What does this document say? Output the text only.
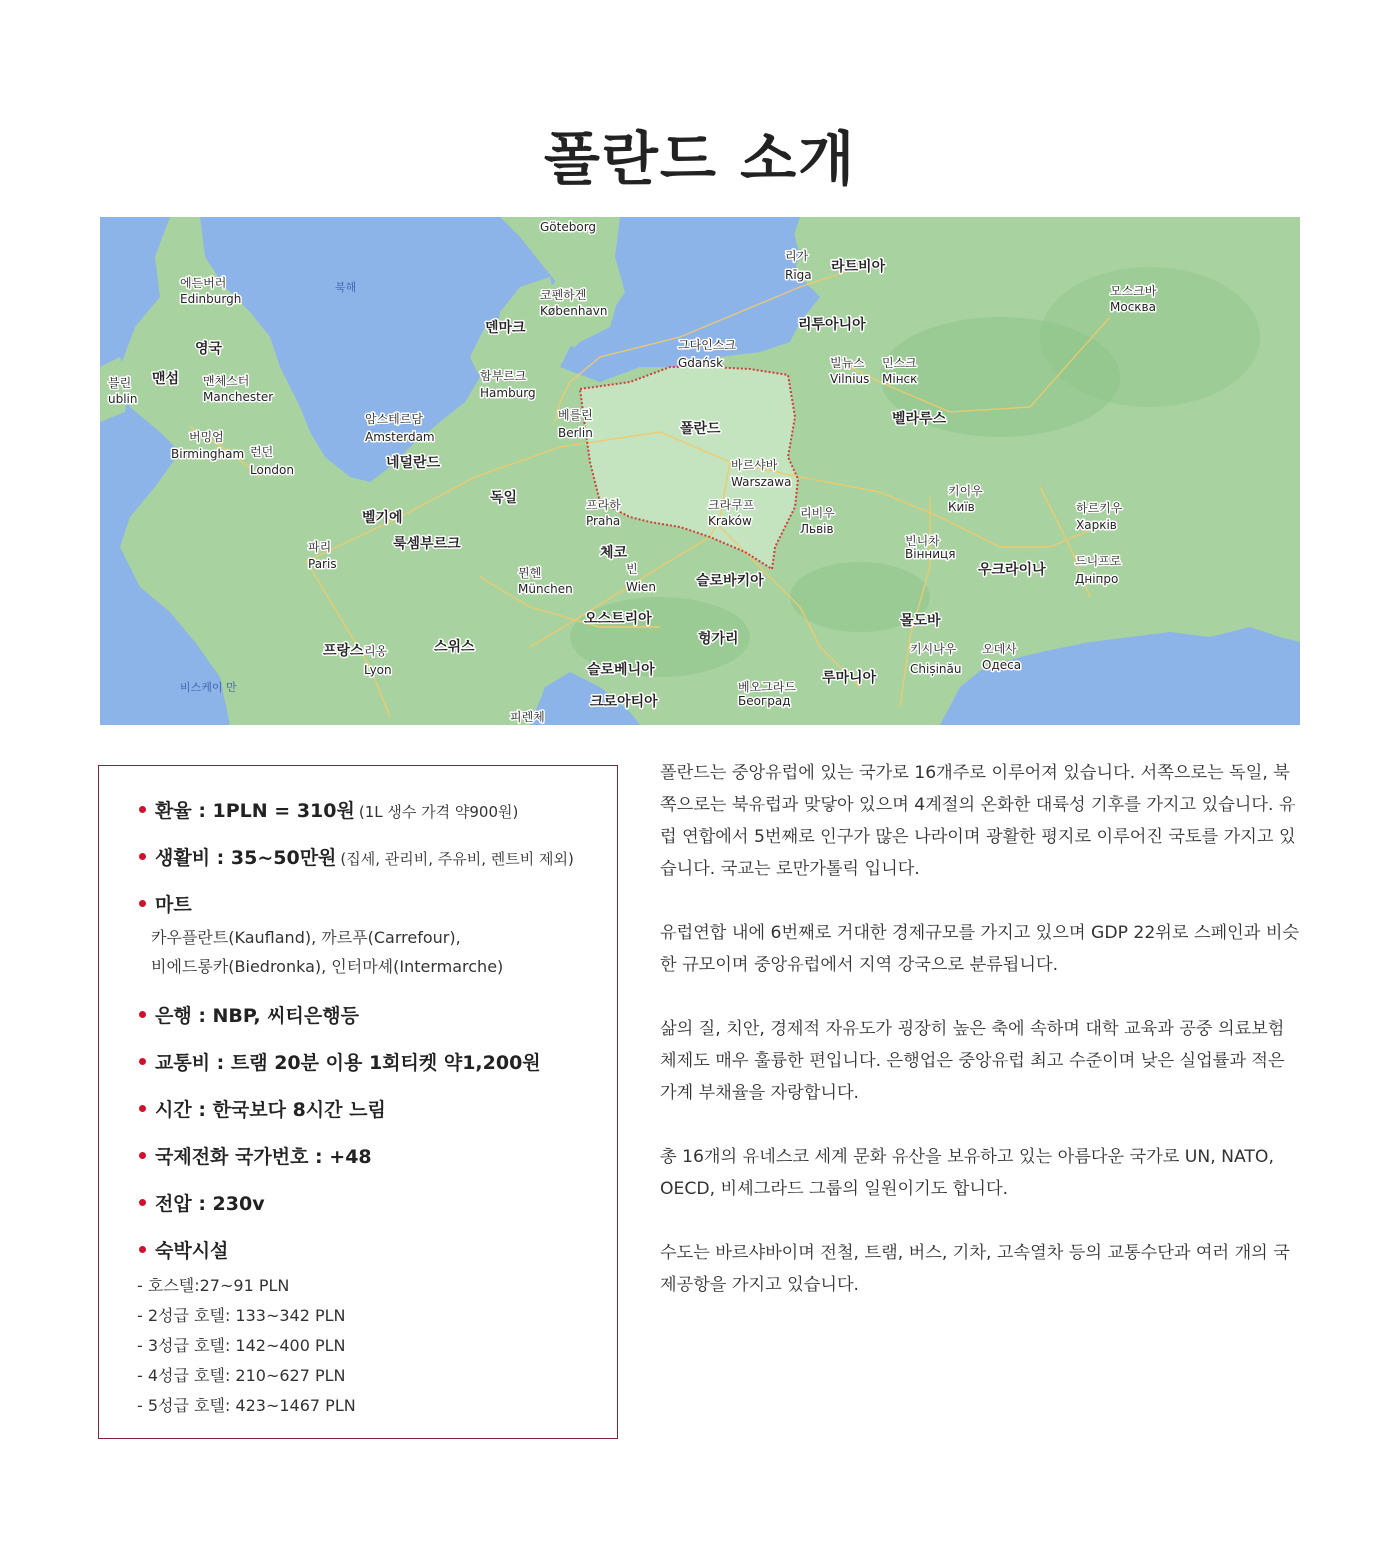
폴란드 소개
Göteborg
리가
Rīga 라트비아
에든버러
Edinburgh
북해
코펜하겐
København
모스크바
Москва
덴마크	리투아니아
영국	그다인스크
Gdańsk	빌뉴스
Vilnius
민스크
Мінск
블린
ublin
맨섬 맨체스터
Manchester
함부르크
Hamburg
벨라루스
베를린
Berlin
암스테르담
Amsterdam	폴란드
버밍엄
Birmingham 런던
London	네덜란드	바르샤바
Warszawa
독일	키이우
Київ
프라하
Praha
크라쿠프
Kraków
리비우
Львів
하르키우
Харків
벨기에
룩셈부르크	빈니차
Вінниця
파리
Paris
체코	드니프로
Дніпро
뮌헨
München
빈
Wien	슬로바키아
우크라이나
오스트리아	몰도바
프랑스 리옹
Lyon
스위스	헝가리
키시나우
Chișinău
오데사
Одеса
슬로베니아	루마니아
비스케이 만	베오그라드
Београд
크로아티아
피렌체
환율 : 1PLN = 310원 (1L 생수 가격 약900원)
생활비 : 35~50만원 (집세, 관리비, 주유비, 렌트비 제외)
마트
카우플란트(Kaufland), 까르푸(Carrefour),
비에드롱카(Biedronka), 인터마셰(Intermarche)
은행 : NBP, 씨티은행등
교통비 : 트램 20분 이용 1회티켓 약1,200원
시간 : 한국보다 8시간 느림
국제전화 국가번호 : +48
전압 : 230v
숙박시설
- 호스텔:27~91 PLN
- 2성급 호텔: 133~342 PLN
- 3성급 호텔: 142~400 PLN
- 4성급 호텔: 210~627 PLN
- 5성급 호텔: 423~1467 PLN

폴란드는 중앙유럽에 있는 국가로 16개주로 이루어져 있습니다. 서쪽으로는 독일, 북쪽으로는 북유럽과 맞닿아 있으며 4계절의 온화한 대륙성 기후를 가지고 있습니다. 유럽 연합에서 5번째로 인구가 많은 나라이며 광활한 평지로 이루어진 국토를 가지고 있습니다. 국교는 로만가톨릭 입니다.

유럽연합 내에 6번째로 거대한 경제규모를 가지고 있으며 GDP 22위로 스페인과 비슷한 규모이며 중앙유럽에서 지역 강국으로 분류됩니다.

삶의 질, 치안, 경제적 자유도가 굉장히 높은 축에 속하며 대학 교육과 공중 의료보험 체제도 매우 훌륭한 편입니다. 은행업은 중앙유럽 최고 수준이며 낮은 실업률과 적은 가계 부채율을 자랑합니다.

총 16개의 유네스코 세계 문화 유산을 보유하고 있는 아름다운 국가로 UN, NATO, OECD, 비셰그라드 그룹의 일원이기도 합니다.

수도는 바르샤바이며 전철, 트램, 버스, 기차, 고속열차 등의 교통수단과 여러 개의 국제공항을 가지고 있습니다.
